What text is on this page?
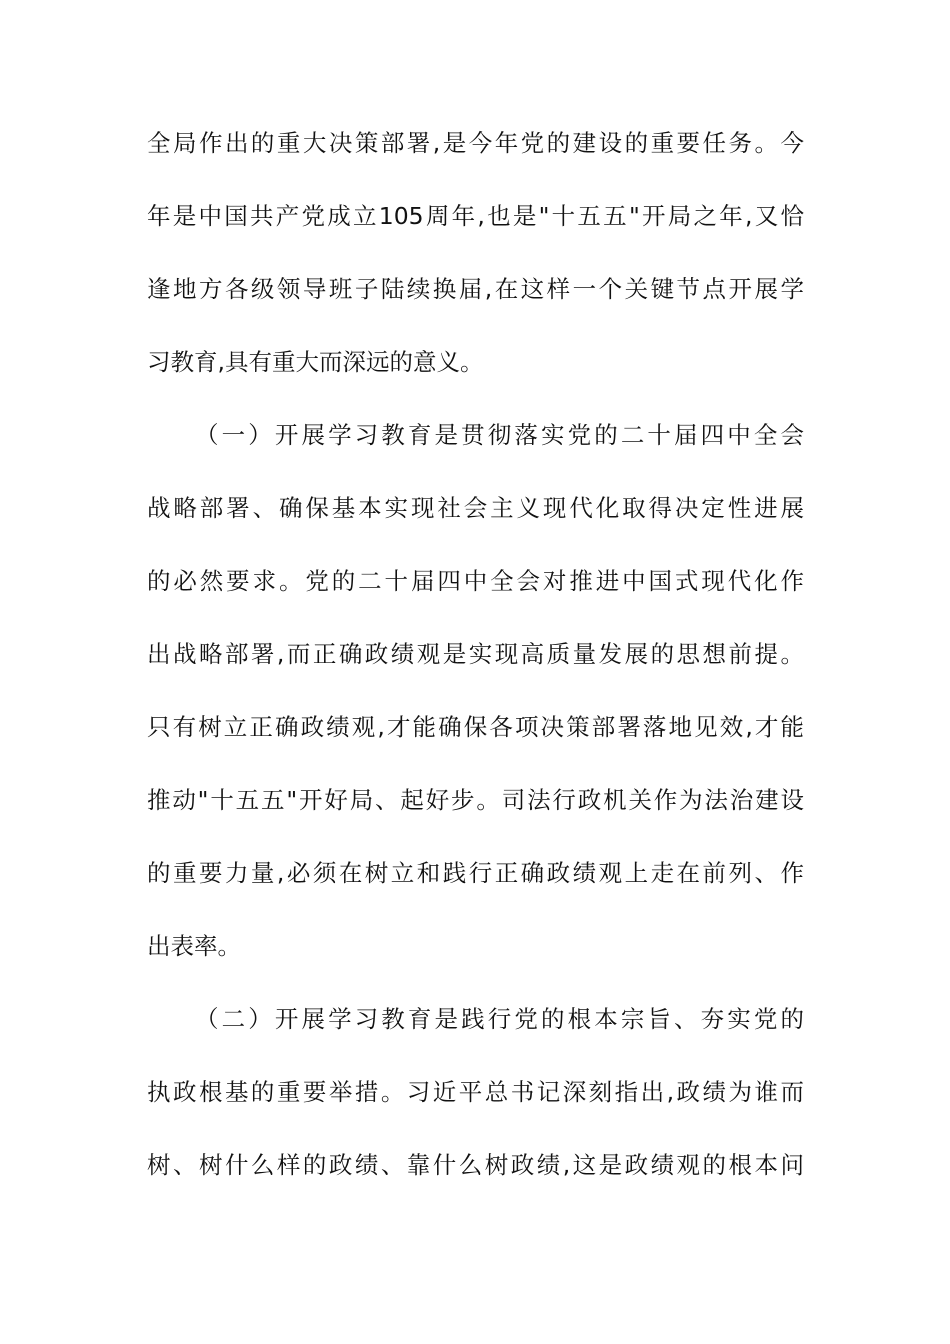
全局作出的重大决策部署,是今年党的建设的重要任务。今
年是中国共产党成立105周年,也是"十五五"开局之年,又恰
逢地方各级领导班子陆续换届,在这样一个关键节点开展学
习教育,具有重大而深远的意义。
（一）开展学习教育是贯彻落实党的二十届四中全会
战略部署、确保基本实现社会主义现代化取得决定性进展
的必然要求。党的二十届四中全会对推进中国式现代化作
出战略部署,而正确政绩观是实现高质量发展的思想前提。
只有树立正确政绩观,才能确保各项决策部署落地见效,才能
推动"十五五"开好局、起好步。司法行政机关作为法治建设
的重要力量,必须在树立和践行正确政绩观上走在前列、作
出表率。
（二）开展学习教育是践行党的根本宗旨、夯实党的
执政根基的重要举措。习近平总书记深刻指出,政绩为谁而
树、树什么样的政绩、靠什么树政绩,这是政绩观的根本问
